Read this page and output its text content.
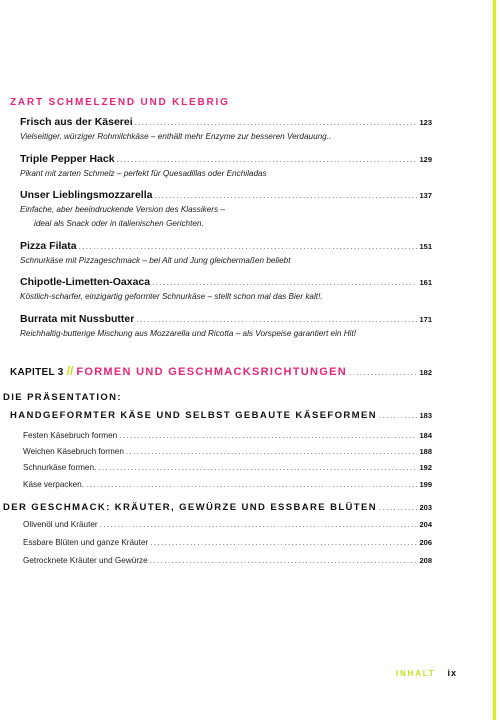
ZART SCHMELZEND UND KLEBRIG
Frisch aus der Käserei .....	123
Vielseitiger, würziger Rohmilchkäse – enthält mehr Enzyme zur besseren Verdauung..
Triple Pepper Hack .....	129
Pikant mit zarten Schmelz – perfekt für Quesadillas oder Enchiladas
Unser Lieblingsmozzarella .....	137
Einfache, aber beeindruckende Version des Klassikers –
ideal als Snack oder in italienischen Gerichten.
Pizza Filata .....	151
Schnurkäse mit Pizzageschmack – bei Alt und Jung gleichermaßen beliebt
Chipotle-Limetten-Oaxaca .....	161
Köstlich-scharfer, einzigartig geformter Schnurkäse – stellt schon mal das Bier kalt!.
Burrata mit Nussbutter .....	171
Reichhaltig-butterige Mischung aus Mozzarella und Ricotta – als Vorspeise garantiert ein Hit!
KAPITEL 3 // FORMEN UND GESCHMACKSRICHTUNGEN .....	182
DIE PRÄSENTATION:
HANDGEFORMTER KÄSE UND SELBST GEBAUTE KÄSEFORMEN .....	183
Festen Käsebruch formen .....	184
Weichen Käsebruch formen .....	188
Schnurkäse formen. .....	192
Käse verpacken. .....	199
DER GESCHMACK: KRÄUTER, GEWÜRZE UND ESSBARE BLÜTEN .....	203
Olivenöl und Kräuter .....	204
Essbare Blüten und ganze Kräuter .....	206
Getrocknete Kräuter und Gewürze .....	208
INHALT ix
